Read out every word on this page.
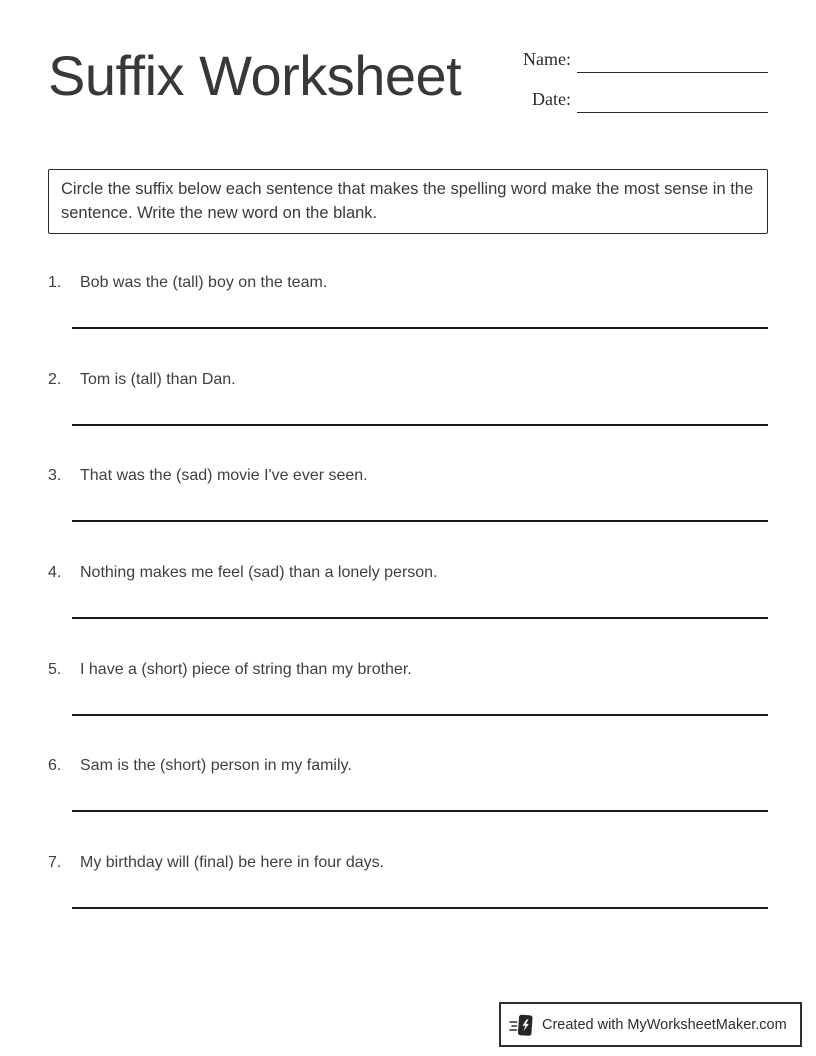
Suffix Worksheet	Name:
Date:
Circle the suffix below each sentence that makes the spelling word make the most sense in the sentence. Write the new word on the blank.
1.	Bob was the (tall) boy on the team.
2.	Tom is (tall) than Dan.
3.	That was the (sad) movie I've ever seen.
4.	Nothing makes me feel (sad) than a lonely person.
5.	I have a (short) piece of string than my brother.
6.	Sam is the (short) person in my family.
7.	My birthday will (final) be here in four days.
Created with MyWorksheetMaker.com
